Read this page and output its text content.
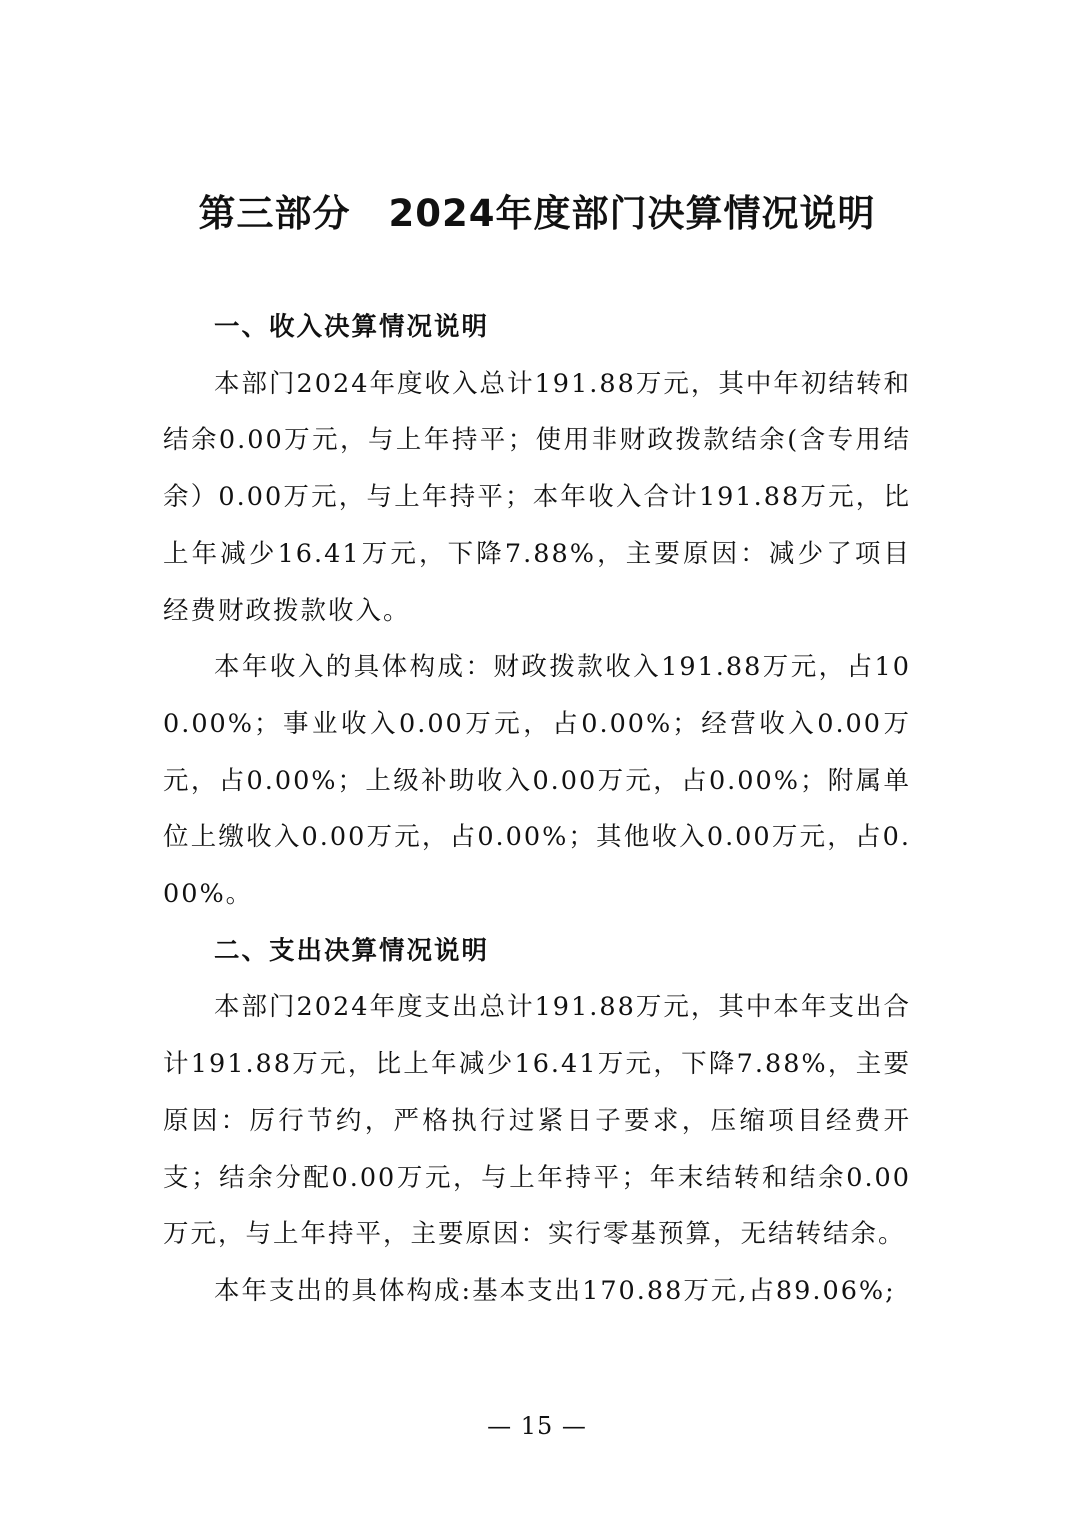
第三部分　2024年度部门决算情况说明
一、收入决算情况说明

本部门2024年度收入总计191.88万元，其中年初结转和结余0.00万元，与上年持平；使用非财政拨款结余(含专用结余）0.00万元，与上年持平；本年收入合计191.88万元，比上年减少16.41万元，下降7.88%，主要原因：减少了项目经费财政拨款收入。

本年收入的具体构成：财政拨款收入191.88万元，占100.00%；事业收入0.00万元，占0.00%；经营收入0.00万元，占0.00%；上级补助收入0.00万元，占0.00%；附属单位上缴收入0.00万元，占0.00%；其他收入0.00万元，占0.00%。

二、支出决算情况说明

本部门2024年度支出总计191.88万元，其中本年支出合计191.88万元，比上年减少16.41万元，下降7.88%，主要原因：厉行节约，严格执行过紧日子要求，压缩项目经费开支；结余分配0.00万元，与上年持平；年末结转和结余0.00万元，与上年持平，主要原因：实行零基预算，无结转结余。

本年支出的具体构成:基本支出170.88万元,占89.06%;

— 15 —
